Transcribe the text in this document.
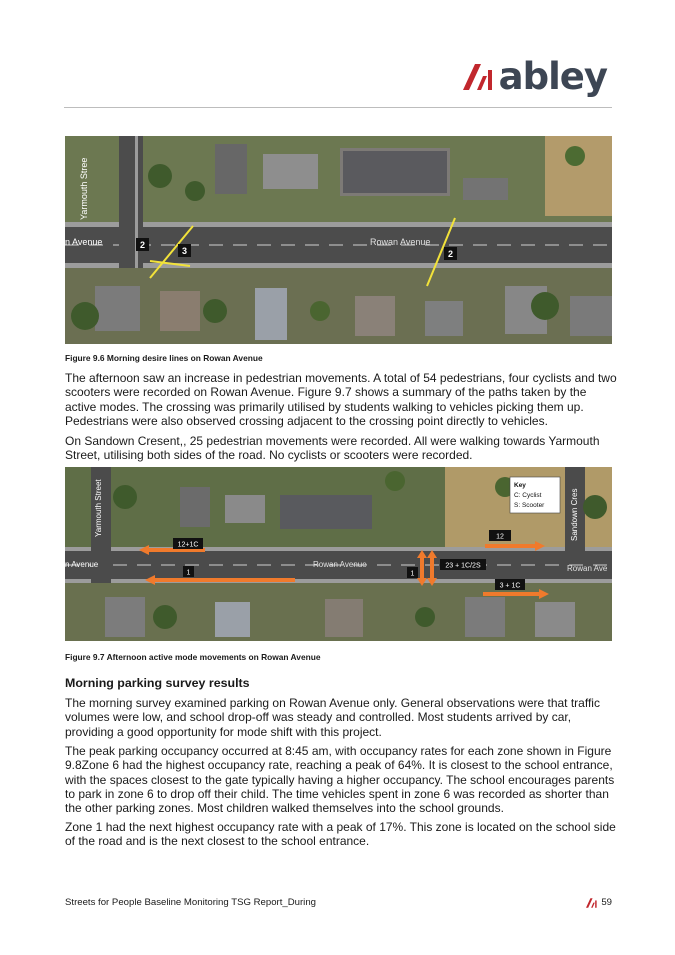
abley
Yarmouth Stree
n Avenue	Rowan Avenue
2
3	2
Figure 9.6 Morning desire lines on Rowan Avenue

The afternoon saw an increase in pedestrian movements. A total of 54 pedestrians, four cyclists and two scooters were recorded on Rowan Avenue. Figure 9.7 shows a summary of the paths taken by the active modes. The crossing was primarily utilised by students walking to vehicles picking them up. Pedestrians were also observed crossing adjacent to the crossing point directly to vehicles.

On Sandown Cresent,, 25 pedestrian movements were recorded. All were walking towards Yarmouth Street, utilising both sides of the road. No cyclists or scooters were recorded.

Yarmouth Street
n Avenue	Rowan Avenue	Rowan Ave
Sandown Cres
12+1C
1	1
23 + 1C/2S
12
3 + 1C
Key
C: Cyclist
S: Scooter
Figure 9.7 Afternoon active mode movements on Rowan Avenue
Morning parking survey results

The morning survey examined parking on Rowan Avenue only. General observations were that traffic volumes were low, and school drop-off was steady and controlled. Most students arrived by car, providing a good opportunity for mode shift with this project.

The peak parking occupancy occurred at 8:45 am, with occupancy rates for each zone shown in Figure 9.8Zone 6 had the highest occupancy rate, reaching a peak of 64%. It is closest to the school entrance, with the spaces closest to the gate typically having a higher occupancy. The school encourages parents to park in zone 6 to drop off their child. The time vehicles spent in zone 6 was recorded as shorter than the other parking zones. Most children walked themselves into the school grounds.

Zone 1 had the next highest occupancy rate with a peak of 17%. This zone is located on the school side of the road and is the next closest to the school entrance.

Streets for People Baseline Monitoring TSG Report_During	59
